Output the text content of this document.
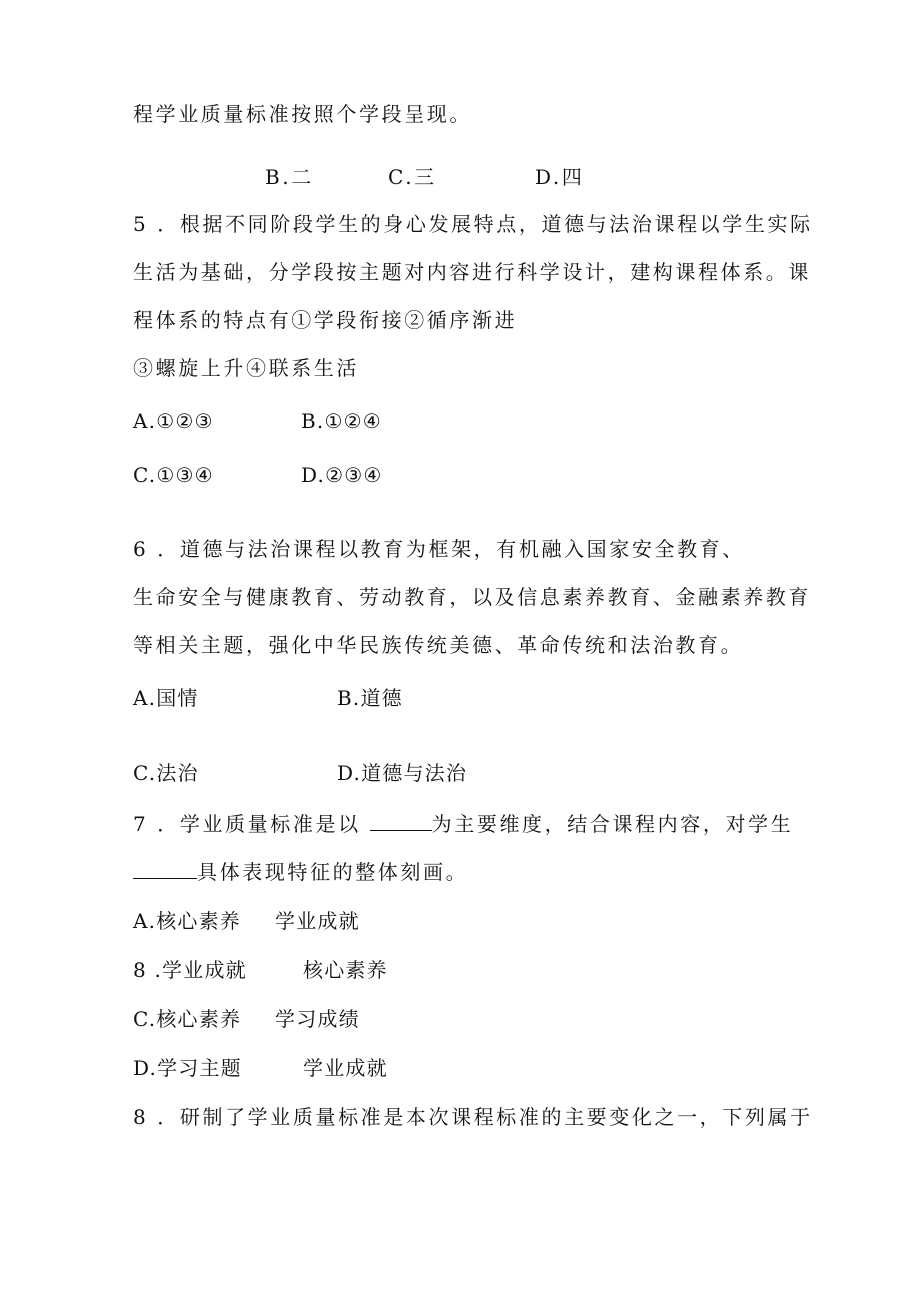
程学业质量标准按照个学段呈现。
B.二	C.三	D.四
5 ．根据不同阶段学生的身心发展特点，道德与法治课程以学生实际
生活为基础，分学段按主题对内容进行科学设计，建构课程体系。课
程体系的特点有①学段衔接②循序渐进
③螺旋上升④联系生活
A.①②③	B.①②④
C.①③④	D.②③④
6 ．道德与法治课程以教育为框架，有机融入国家安全教育、
生命安全与健康教育、劳动教育，以及信息素养教育、金融素养教育
等相关主题，强化中华民族传统美德、革命传统和法治教育。
A.国情	B.道德
C.法治	D.道德与法治
7 ．学业质量标准是以	为主要维度，结合课程内容，对学生
具体表现特征的整体刻画。
A.核心素养 学业成就
8 .学业成就	核心素养
C.核心素养 学习成绩
D.学习主题	学业成就
8 ．研制了学业质量标准是本次课程标准的主要变化之一，下列属于
